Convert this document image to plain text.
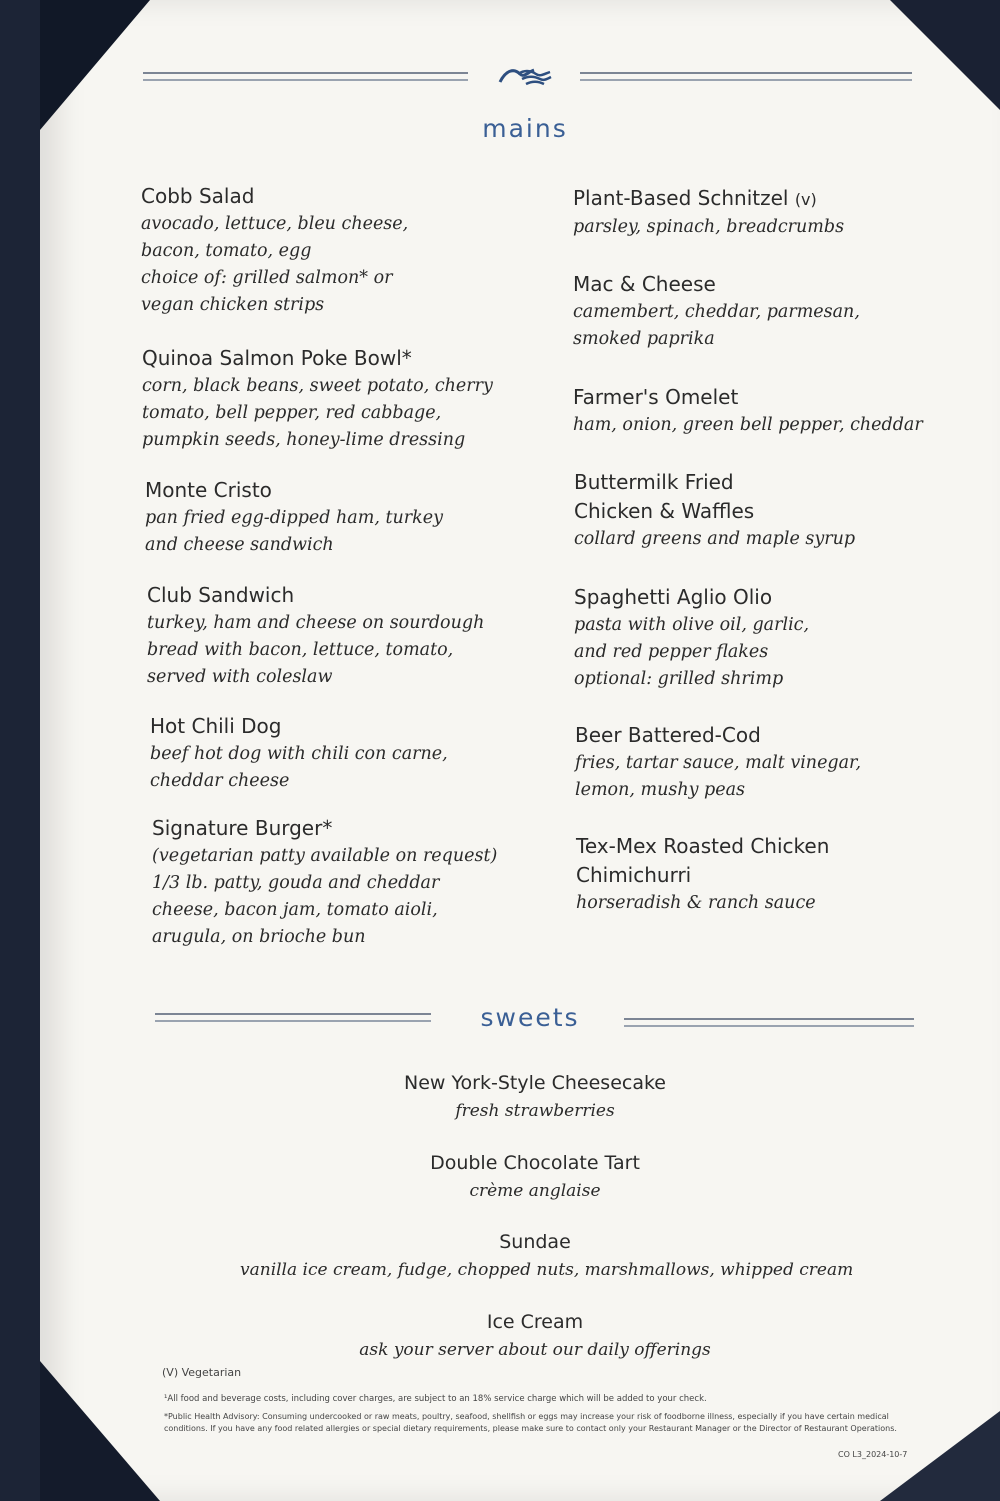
mains
Cobb Salad
avocado, lettuce, bleu cheese,
bacon, tomato, egg
choice of: grilled salmon* or
vegan chicken strips
Quinoa Salmon Poke Bowl*
corn, black beans, sweet potato, cherry
tomato, bell pepper, red cabbage,
pumpkin seeds, honey-lime dressing
Monte Cristo
pan fried egg-dipped ham, turkey
and cheese sandwich
Club Sandwich
turkey, ham and cheese on sourdough
bread with bacon, lettuce, tomato,
served with coleslaw
Hot Chili Dog
beef hot dog with chili con carne,
cheddar cheese
Signature Burger*
(vegetarian patty available on request)
1/3 lb. patty, gouda and cheddar
cheese, bacon jam, tomato aioli,
arugula, on brioche bun
Plant-Based Schnitzel (v)
parsley, spinach, breadcrumbs
Mac & Cheese
camembert, cheddar, parmesan,
smoked paprika
Farmer's Omelet
ham, onion, green bell pepper, cheddar
Buttermilk Fried
Chicken & Waffles
collard greens and maple syrup
Spaghetti Aglio Olio
pasta with olive oil, garlic,
and red pepper flakes
optional: grilled shrimp
Beer Battered-Cod
fries, tartar sauce, malt vinegar,
lemon, mushy peas
Tex-Mex Roasted Chicken
Chimichurri
horseradish & ranch sauce
sweets
New York-Style Cheesecake
fresh strawberries
Double Chocolate Tart
crème anglaise
Sundae
vanilla ice cream, fudge, chopped nuts, marshmallows, whipped cream
Ice Cream
ask your server about our daily offerings
(V) Vegetarian
¹All food and beverage costs, including cover charges, are subject to an 18% service charge which will be added to your check.
*Public Health Advisory: Consuming undercooked or raw meats, poultry, seafood, shellfish or eggs may increase your risk of foodborne illness, especially if you have certain medical
conditions. If you have any food related allergies or special dietary requirements, please make sure to contact only your Restaurant Manager or the Director of Restaurant Operations.
CO L3_2024-10-7
